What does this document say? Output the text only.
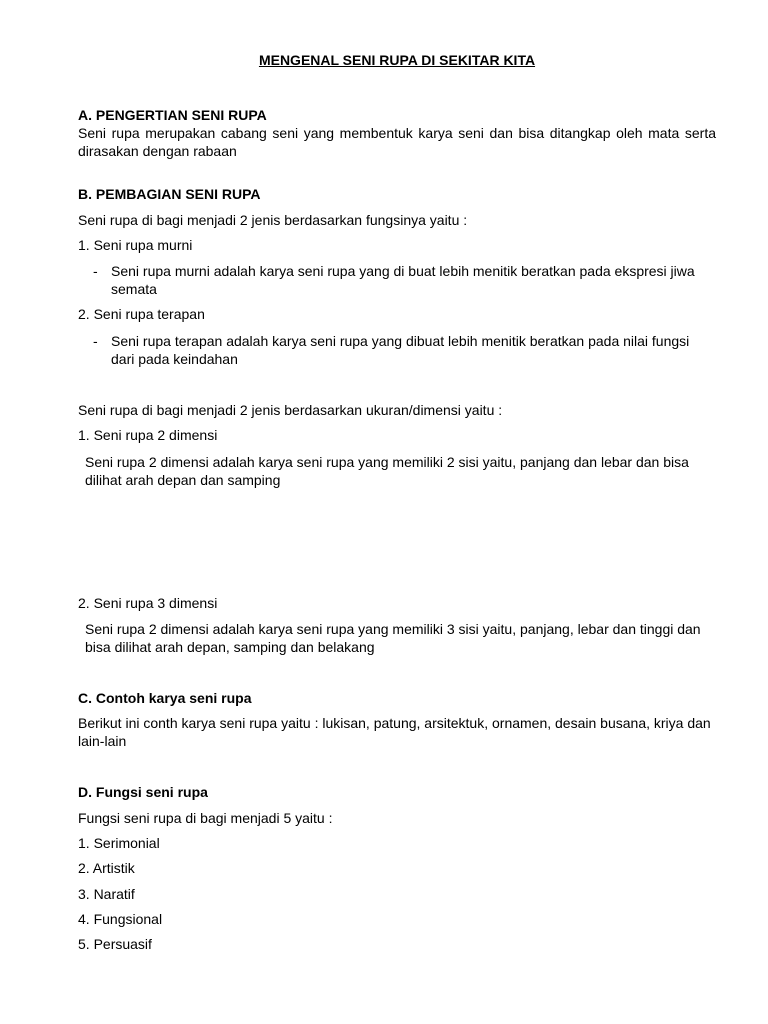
MENGENAL SENI RUPA DI SEKITAR KITA
A. PENGERTIAN SENI RUPA
Seni rupa merupakan cabang seni yang membentuk karya seni dan bisa ditangkap oleh mata serta dirasakan dengan rabaan
B. PEMBAGIAN SENI RUPA
Seni rupa di bagi menjadi 2 jenis berdasarkan fungsinya yaitu :
1. Seni rupa murni
- Seni rupa murni adalah karya seni rupa yang di buat lebih menitik beratkan pada ekspresi jiwa semata
2. Seni rupa terapan
- Seni rupa terapan adalah karya seni rupa yang dibuat lebih menitik beratkan pada nilai fungsi dari pada keindahan
Seni rupa di bagi menjadi 2 jenis berdasarkan ukuran/dimensi yaitu :
1. Seni rupa 2 dimensi
Seni rupa 2 dimensi adalah karya seni rupa yang memiliki 2 sisi yaitu, panjang dan lebar dan bisa dilihat arah depan dan samping
2. Seni rupa 3 dimensi
Seni rupa 2 dimensi adalah karya seni rupa yang memiliki 3 sisi yaitu, panjang, lebar dan tinggi dan bisa dilihat arah depan, samping dan belakang
C. Contoh karya seni rupa
Berikut ini conth karya seni rupa yaitu : lukisan, patung, arsitektuk, ornamen, desain busana, kriya dan lain-lain
D. Fungsi seni rupa
Fungsi seni rupa di bagi menjadi 5 yaitu :
1. Serimonial
2. Artistik
3. Naratif
4. Fungsional
5. Persuasif
